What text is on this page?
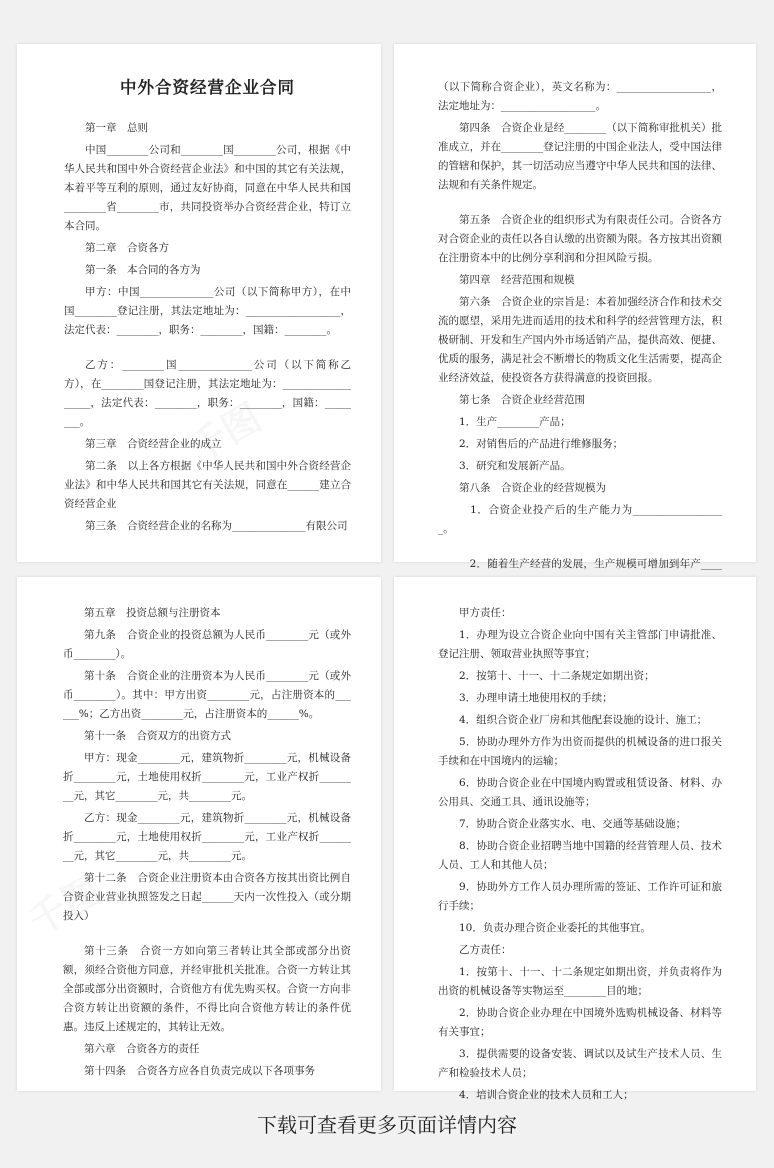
中外合资经营企业合同
第一章　总则
中国________公司和________国________公司，根据《中华人民共和国中外合资经营企业法》和中国的其它有关法规，本着平等互利的原则，通过友好协商，同意在中华人民共和国________省________市，共同投资举办合资经营企业，特订立本合同。
第二章　合资各方
第一条　本合同的各方为
甲方：中国______________公司（以下简称甲方），在中国________登记注册，其法定地址为：__________________，法定代表：________，职务：________，国籍：________。
乙方：________国______________公司（以下简称乙方），在________国登记注册，其法定地址为：__________________，法定代表：________，职务：________，国籍：________。
第三章　合资经营企业的成立
第二条　以上各方根据《中华人民共和国中外合资经营企业法》和中华人民共和国其它有关法规，同意在______建立合资经营企业
第三条　合资经营企业的名称为______________有限公司
（以下简称合资企业），英文名称为：__________________，法定地址为：__________________。
第四条　合资企业是经________（以下简称审批机关）批准成立，并在________登记注册的中国企业法人，受中国法律的管辖和保护，其一切活动应当遵守中华人民共和国的法律、法规和有关条件规定。
第五条　合资企业的组织形式为有限责任公司。合资各方对合资企业的责任以各自认缴的出资额为限。各方按其出资额在注册资本中的比例分享利润和分担风险亏损。
第四章　经营范围和规模
第六条　合资企业的宗旨是：本着加强经济合作和技术交流的愿望，采用先进而适用的技术和科学的经营管理方法，积极研制、开发和生产国内外市场适销产品，提供高效、便捷、优质的服务，满足社会不断增长的物质文化生活需要，提高企业经济效益，使投资各方获得满意的投资回报。
第七条　合资企业经营范围
1．生产________产品；
2．对销售后的产品进行维修服务；
3．研究和发展新产品。
第八条　合资企业的经营规模为
　1．合资企业投产后的生产能力为__________________。
　2．随着生产经营的发展，生产规模可增加到年产____
第五章　投资总额与注册资本
第九条　合资企业的投资总额为人民币________元（或外币________）。
第十条　合资企业的注册资本为人民币________元（或外币________）。其中：甲方出资________元，占注册资本的______%；乙方出资________元，占注册资本的______%。
第十一条　合资双方的出资方式
甲方：现金________元，建筑物折________元，机械设备折________元，土地使用权折________元，工业产权折________元，其它________元，共________元。
乙方：现金________元，建筑物折________元，机械设备折________元，土地使用权折________元，工业产权折________元，其它________元，共________元。
第十二条　合资企业注册资本由合资各方按其出资比例自合资企业营业执照签发之日起______天内一次性投入（或分期投入）
第十三条　合资一方如向第三者转让其全部或部分出资额，须经合资他方同意，并经审批机关批准。合资一方转让其全部或部分出资额时，合资他方有优先购买权。合资一方向非合资方转让出资额的条件，不得比向合资他方转让的条件优惠。违反上述规定的，其转让无效。
第六章　合资各方的责任
第十四条　合资各方应各自负责完成以下各项事务
甲方责任：
1．办理为设立合资企业向中国有关主管部门申请批准、登记注册、领取营业执照等事宜；
2．按第十、十一、十二条规定如期出资；
3．办理申请土地使用权的手续；
4．组织合资企业厂房和其他配套设施的设计、施工；
5．协助办理外方作为出资而提供的机械设备的进口报关手续和在中国境内的运输；
6．协助合资企业在中国境内购置或租赁设备、材料、办公用具、交通工具、通讯设施等；
7．协助合资企业落实水、电、交通等基础设施；
8．协助合资企业招聘当地中国籍的经营管理人员、技术人员、工人和其他人员；
9．协助外方工作人员办理所需的签证、工作许可证和旅行手续；
10．负责办理合资企业委托的其他事宜。
乙方责任：
1．按第十、十一、十二条规定如期出资，并负责将作为出资的机械设备等实物运至________目的地；
2．协助合资企业办理在中国境外选购机械设备、材料等有关事宜；
3．提供需要的设备安装、调试以及试生产技术人员、生产和检验技术人员；
4．培训合资企业的技术人员和工人；
下载可查看更多页面详情内容
